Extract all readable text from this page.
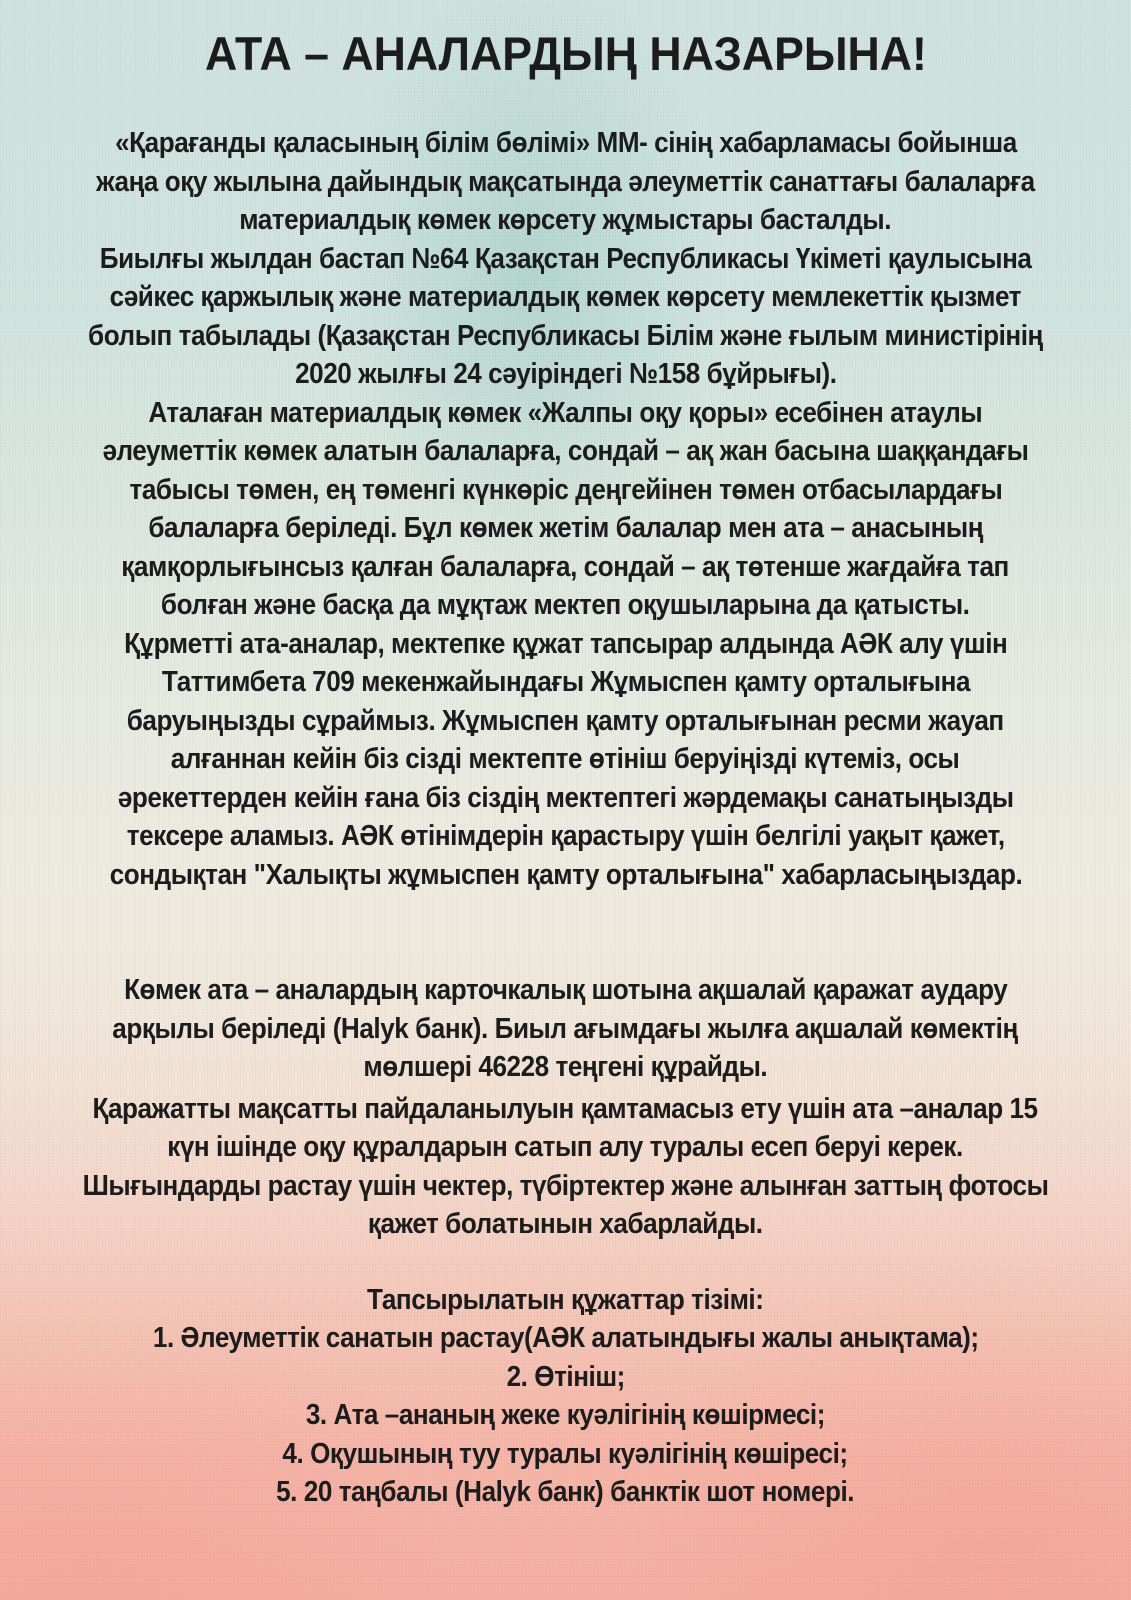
АТА – АНАЛАРДЫҢ НАЗАРЫНА!
«Қарағанды қаласының білім бөлімі» ММ- сінің хабарламасы бойынша
жаңа оқу жылына дайындық мақсатында әлеуметтік санаттағы балаларға
материалдық көмек көрсету жұмыстары басталды.
Биылғы жылдан бастап №64 Қазақстан Республикасы Үкіметі қаулысына
сәйкес қаржылық және материалдық көмек көрсету мемлекеттік қызмет
болып табылады (Қазақстан Республикасы Білім және ғылым министірінің
2020 жылғы 24 сәуіріндегі №158 бұйрығы).
Аталаған материалдық көмек «Жалпы оқу қоры» есебінен атаулы
әлеуметтік көмек алатын балаларға, сондай – ақ жан басына шаққандағы
табысы төмен, ең төменгі күнкөріс деңгейінен төмен отбасылардағы
балаларға беріледі. Бұл көмек жетім балалар мен ата – анасының
қамқорлығынсыз қалған балаларға, сондай – ақ төтенше жағдайға тап
болған және басқа да мұқтаж мектеп оқушыларына да қатысты.
Құрметті ата-аналар, мектепке құжат тапсырар алдында АӘК алу үшін
Таттимбета 709 мекенжайындағы Жұмыспен қамту орталығына
баруыңызды сұраймыз. Жұмыспен қамту орталығынан ресми жауап
алғаннан кейін біз сізді мектепте өтініш беруіңізді күтеміз, осы
әрекеттерден кейін ғана біз сіздің мектептегі жәрдемақы санатыңызды
тексере аламыз. АӘК өтінімдерін қарастыру үшін белгілі уақыт қажет,
сондықтан "Халықты жұмыспен қамту орталығына" хабарласыңыздар.
Көмек ата – аналардың карточкалық шотына ақшалай қаражат аудару
арқылы беріледі (Halyk банк). Биыл ағымдағы жылға ақшалай көмектің
мөлшері 46228 теңгені құрайды.
Қаражатты мақсатты пайдаланылуын қамтамасыз ету үшін ата –аналар 15
күн ішінде оқу құралдарын сатып алу туралы есеп беруі керек.
Шығындарды растау үшін чектер, түбіртектер және алынған заттың фотосы
қажет болатынын хабарлайды.
Тапсырылатын құжаттар тізімі:
1. Әлеуметтік санатын растау(АӘК алатындығы жалы анықтама);
2. Өтініш;
3. Ата –ананың жеке куәлігінің көшірмесі;
4. Оқушының туу туралы куәлігінің көшіресі;
5. 20 таңбалы (Halyk банк) банктік шот номері.
